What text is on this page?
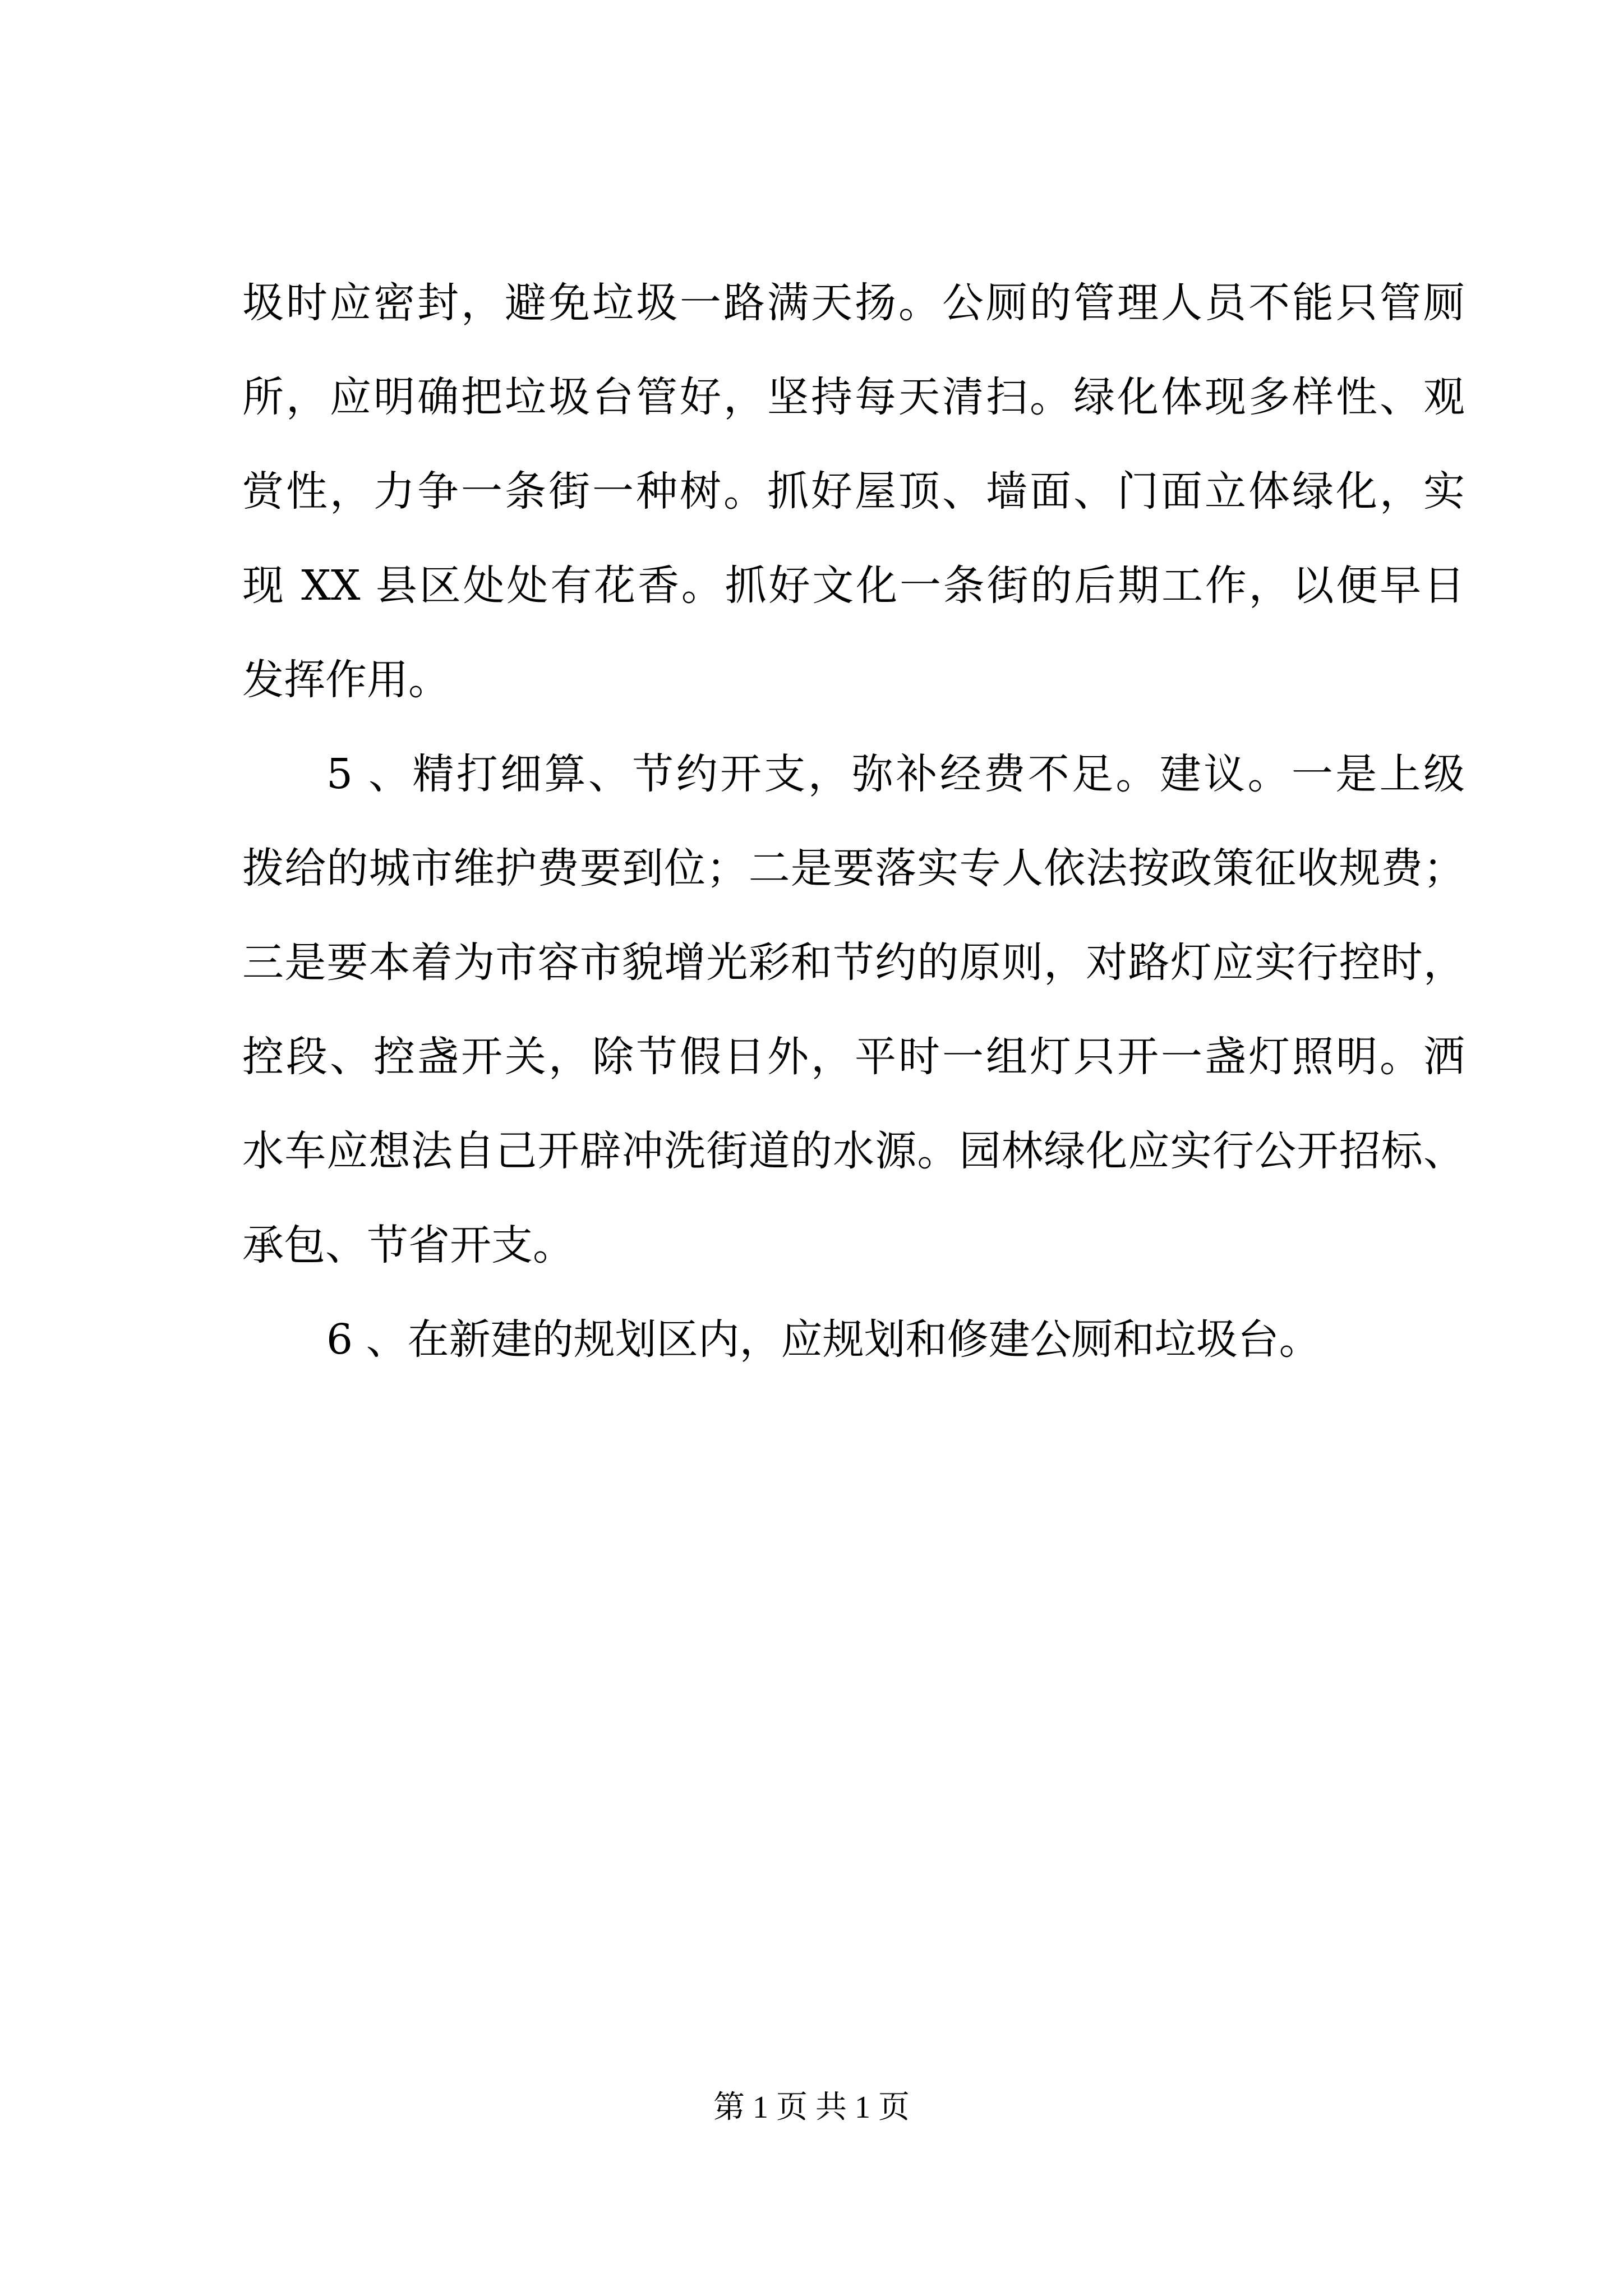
圾时应密封，避免垃圾一路满天扬。公厕的管理人员不能只管厕
所，应明确把垃圾台管好，坚持每天清扫。绿化体现多样性、观
赏性，力争一条街一种树。抓好屋顶、墙面、门面立体绿化，实
现 XX 县区处处有花香。抓好文化一条街的后期工作，以便早日
发挥作用。
5 、精打细算、节约开支，弥补经费不足。建议。一是上级
拨给的城市维护费要到位；二是要落实专人依法按政策征收规费；
三是要本着为市容市貌增光彩和节约的原则，对路灯应实行控时，
控段、控盏开关，除节假日外，平时一组灯只开一盏灯照明。洒
水车应想法自己开辟冲洗街道的水源。园林绿化应实行公开招标、
承包、节省开支。
6 、在新建的规划区内，应规划和修建公厕和垃圾台。
第 1 页 共 1 页
